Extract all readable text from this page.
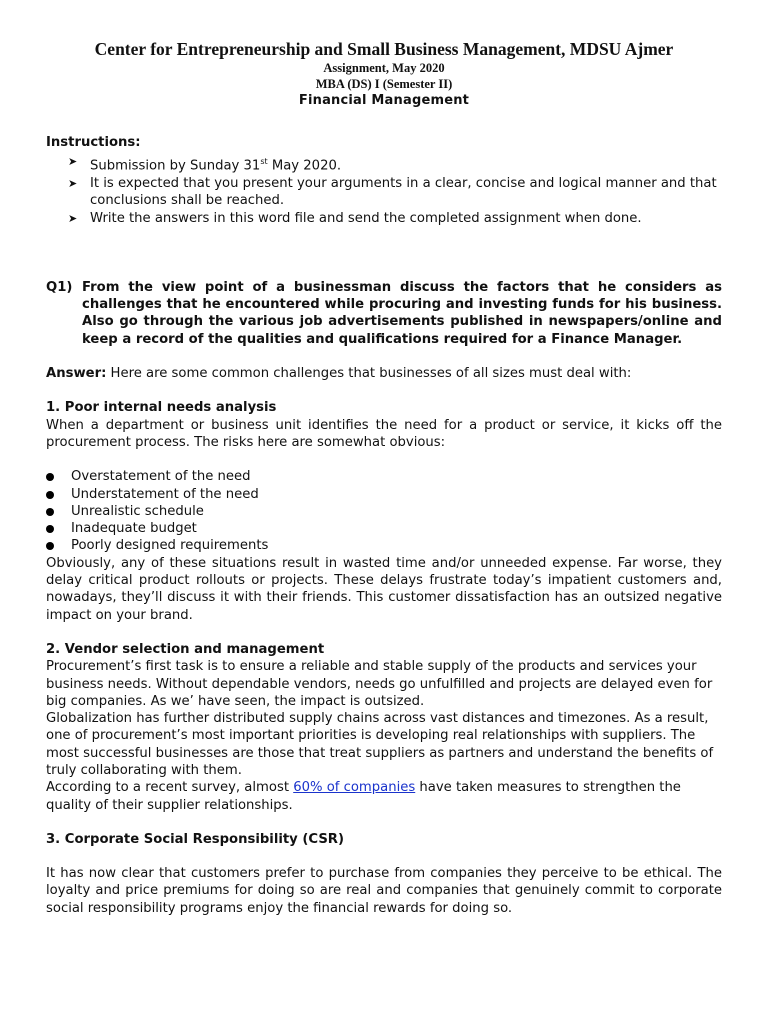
Center for Entrepreneurship and Small Business Management, MDSU Ajmer
Assignment, May 2020
MBA (DS) I (Semester II)
Financial Management
Instructions:
➤ Submission by Sunday 31st May 2020.
➤ It is expected that you present your arguments in a clear, concise and logical manner and that conclusions shall be reached.
➤ Write the answers in this word file and send the completed assignment when done.
Q1) From the view point of a businessman discuss the factors that he considers as challenges that he encountered while procuring and investing funds for his business. Also go through the various job advertisements published in newspapers/online and keep a record of the qualities and qualifications required for a Finance Manager.
Answer: Here are some common challenges that businesses of all sizes must deal with:
1. Poor internal needs analysis
When a department or business unit identifies the need for a product or service, it kicks off the procurement process. The risks here are somewhat obvious:
Overstatement of the need
Understatement of the need
Unrealistic schedule
Inadequate budget
Poorly designed requirements
Obviously, any of these situations result in wasted time and/or unneeded expense. Far worse, they delay critical product rollouts or projects. These delays frustrate today’s impatient customers and, nowadays, they’ll discuss it with their friends. This customer dissatisfaction has an outsized negative impact on your brand.
2. Vendor selection and management
Procurement’s first task is to ensure a reliable and stable supply of the products and services your business needs. Without dependable vendors, needs go unfulfilled and projects are delayed even for big companies. As we’ have seen, the impact is outsized.
Globalization has further distributed supply chains across vast distances and timezones. As a result, one of procurement’s most important priorities is developing real relationships with suppliers. The most successful businesses are those that treat suppliers as partners and understand the benefits of truly collaborating with them.
According to a recent survey, almost 60% of companies have taken measures to strengthen the quality of their supplier relationships.
3. Corporate Social Responsibility (CSR)
It has now clear that customers prefer to purchase from companies they perceive to be ethical. The loyalty and price premiums for doing so are real and companies that genuinely commit to corporate social responsibility programs enjoy the financial rewards for doing so.
